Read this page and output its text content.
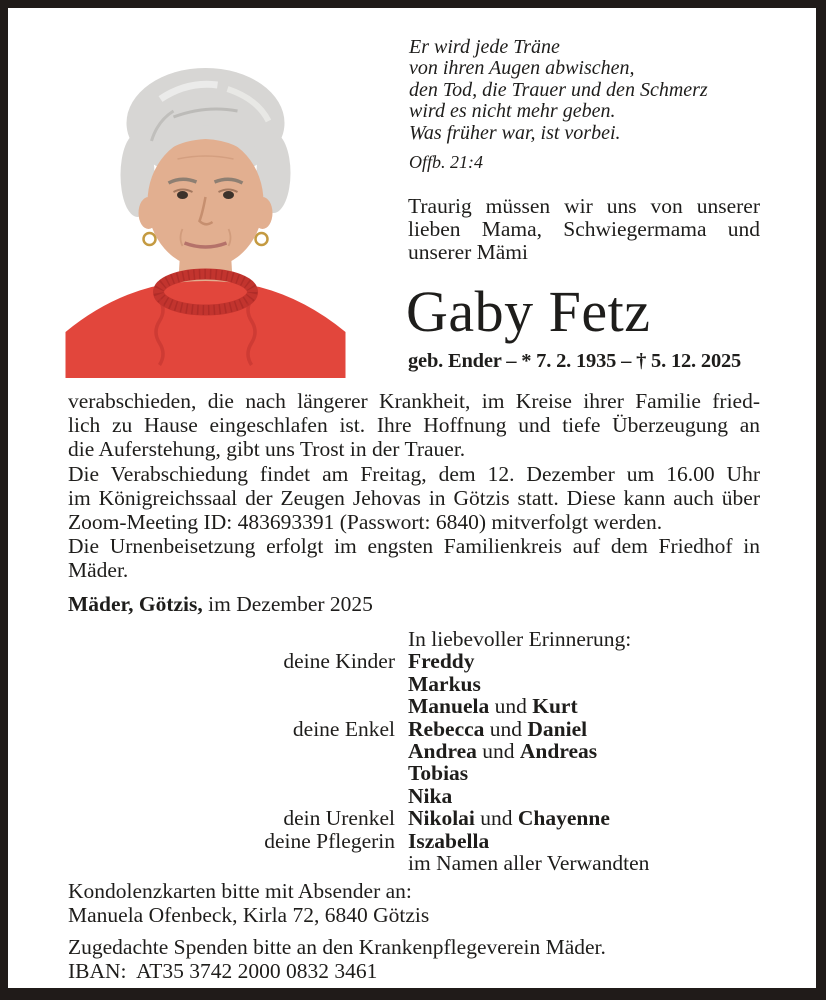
Er wird jede Träne
von ihren Augen abwischen,
den Tod, die Trauer und den Schmerz
wird es nicht mehr geben.
Was früher war, ist vorbei.
Offb. 21:4
Traurig müssen wir uns von unserer
lieben Mama, Schwiegermama und
unserer Mämi
Gaby Fetz
geb. Ender – * 7. 2. 1935 – † 5. 12. 2025
verabschieden, die nach längerer Krankheit, im Kreise ihrer Familie fried-
lich zu Hause eingeschlafen ist. Ihre Hoffnung und tiefe Überzeugung an
die Auferstehung, gibt uns Trost in der Trauer.
Die Verabschiedung findet am Freitag, dem 12. Dezember um 16.00 Uhr
im Königreichssaal der Zeugen Jehovas in Götzis statt. Diese kann auch über
Zoom-Meeting ID: 483693391 (Passwort: 6840) mitverfolgt werden.
Die Urnenbeisetzung erfolgt im engsten Familienkreis auf dem Friedhof in
Mäder.
Mäder, Götzis, im Dezember 2025
In liebevoller Erinnerung:
deine Kinder Freddy
Markus
Manuela und Kurt
deine Enkel Rebecca und Daniel
Andrea und Andreas
Tobias
Nika
dein Urenkel Nikolai und Chayenne
deine Pflegerin Iszabella
im Namen aller Verwandten
Kondolenzkarten bitte mit Absender an:
Manuela Ofenbeck, Kirla 72, 6840 Götzis
Zugedachte Spenden bitte an den Krankenpflegeverein Mäder.
IBAN:  AT35 3742 2000 0832 3461
